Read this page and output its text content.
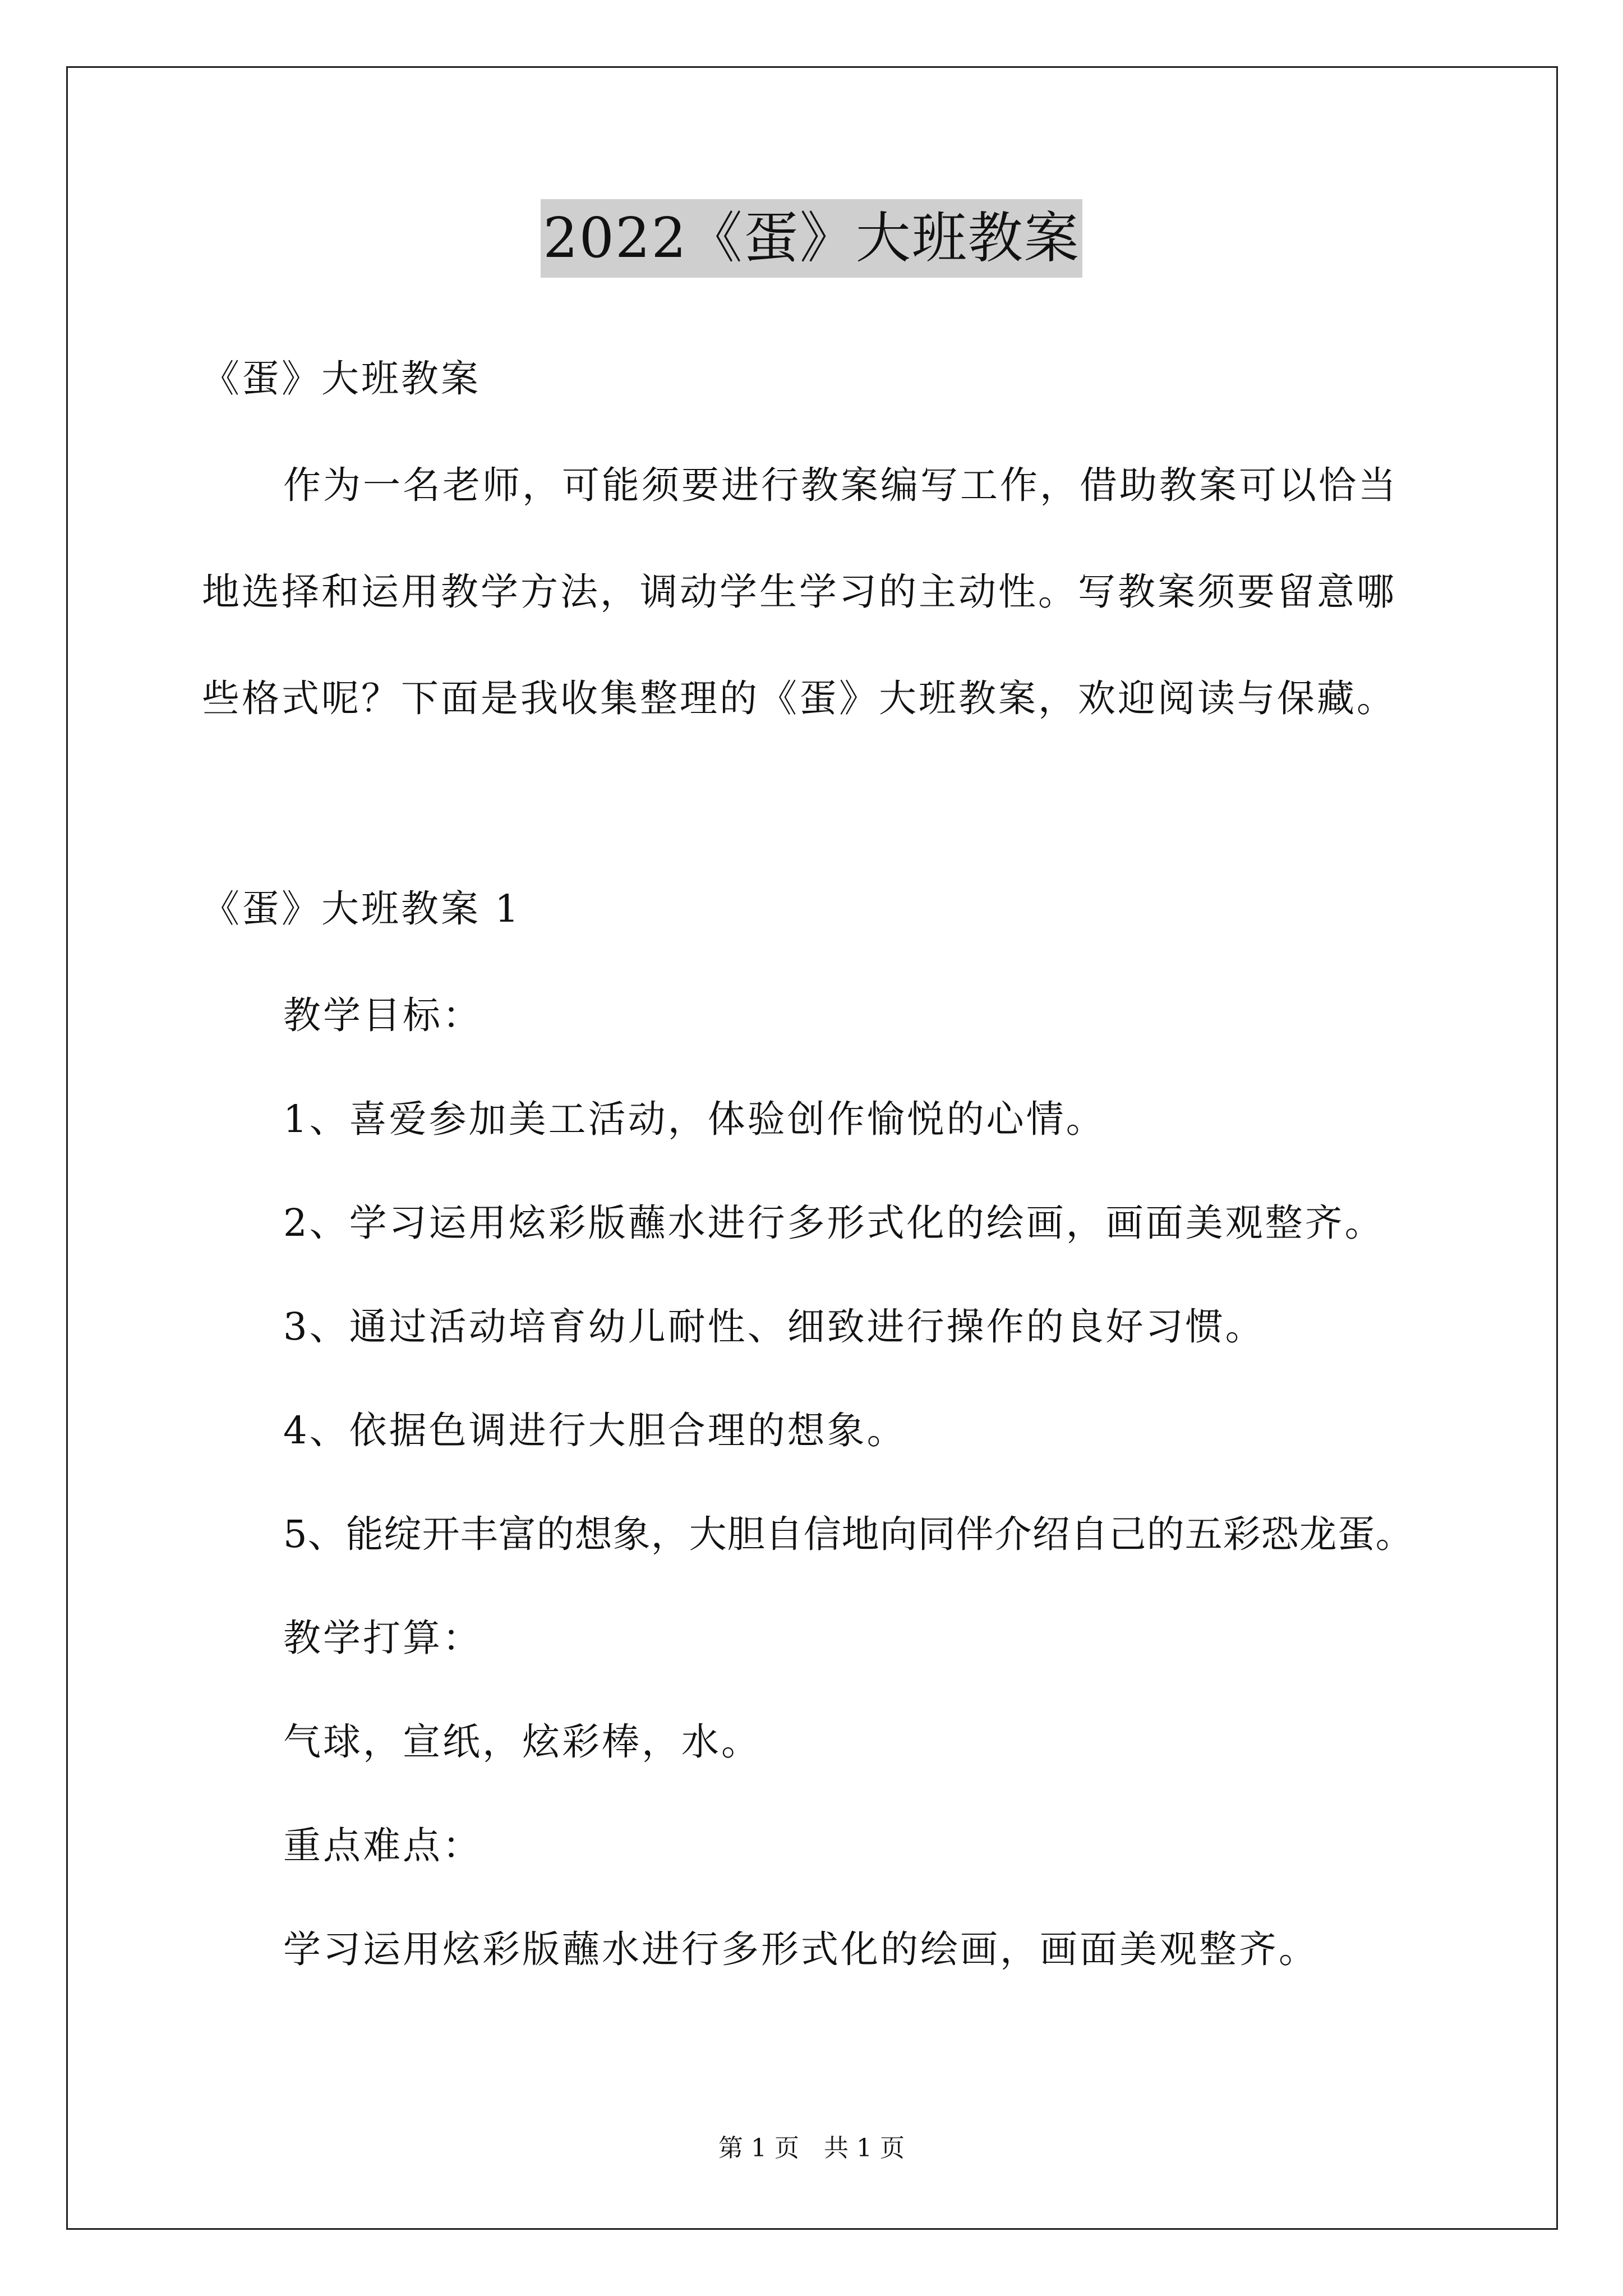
2022《蛋》大班教案
《蛋》大班教案
作为一名老师，可能须要进行教案编写工作，借助教案可以恰当
地选择和运用教学方法，调动学生学习的主动性。写教案须要留意哪
些格式呢？下面是我收集整理的《蛋》大班教案，欢迎阅读与保藏。
《蛋》大班教案 1
教学目标：
1、喜爱参加美工活动，体验创作愉悦的心情。
2、学习运用炫彩版蘸水进行多形式化的绘画，画面美观整齐。
3、通过活动培育幼儿耐性、细致进行操作的良好习惯。
4、依据色调进行大胆合理的想象。
5、能绽开丰富的想象，大胆自信地向同伴介绍自己的五彩恐龙蛋。
教学打算：
气球，宣纸，炫彩棒，水。
重点难点：
学习运用炫彩版蘸水进行多形式化的绘画，画面美观整齐。
第 1 页　共 1 页
